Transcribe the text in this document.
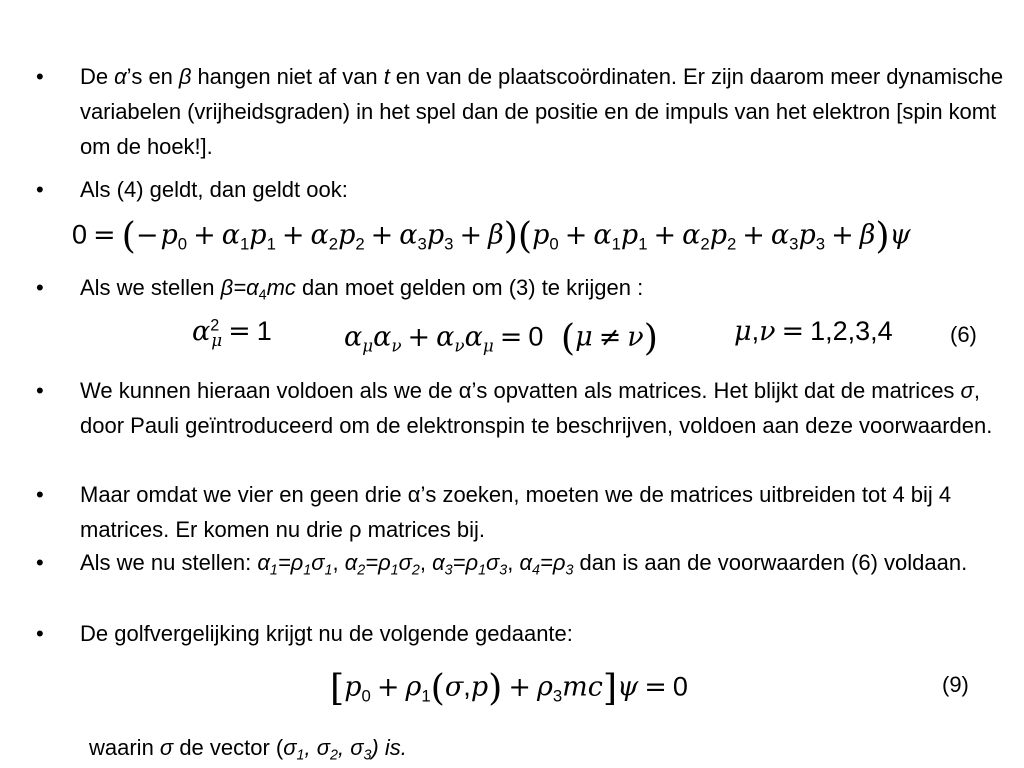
•	De α’s en β hangen niet af van t en van de plaatscoördinaten. Er zijn daarom meer dynamische variabelen (vrijheidsgraden) in het spel dan de positie en de impuls van het elektron [spin komt om de hoek!].
•	Als (4) geldt, dan geldt ook:
$0 = (-p_0 + \alpha_1p_1 + \alpha_2p_2 + \alpha_3p_3 + \beta)(p_0 + \alpha_1p_1 + \alpha_2p_2 + \alpha_3p_3 + \beta)\psi$
•	Als we stellen $\beta=\alpha_4mc$ dan moet gelden om (3) te krijgen :
$\alpha^2_\mu = 1$	$\alpha_\mu\alpha_\nu + \alpha_\nu\alpha_\mu = 0$ (μ ≠ ν)	μ,ν = 1,2,3,4	(6)
•	We kunnen hieraan voldoen als we de α’s opvatten als matrices. Het blijkt dat de matrices σ, door Pauli geïntroduceerd om de elektronspin te beschrijven, voldoen aan deze voorwaarden.
•	Maar omdat we vier en geen drie α’s zoeken, moeten we de matrices uitbreiden tot 4 bij 4 matrices. Er komen nu drie ρ matrices bij.
•	Als we nu stellen: $\alpha_1=\rho_1\sigma_1$, $\alpha_2=\rho_1\sigma_2$, $\alpha_3=\rho_1\sigma_3$, $\alpha_4=\rho_3$ dan is aan de voorwaarden (6) voldaan.
•	De golfvergelijking krijgt nu de volgende gedaante:
$[p_0 + \rho_1(\sigma,p) + \rho_3mc]\psi = 0$	(9)
waarin σ de vector ($\sigma_1$, $\sigma_2$, $\sigma_3$) is.
